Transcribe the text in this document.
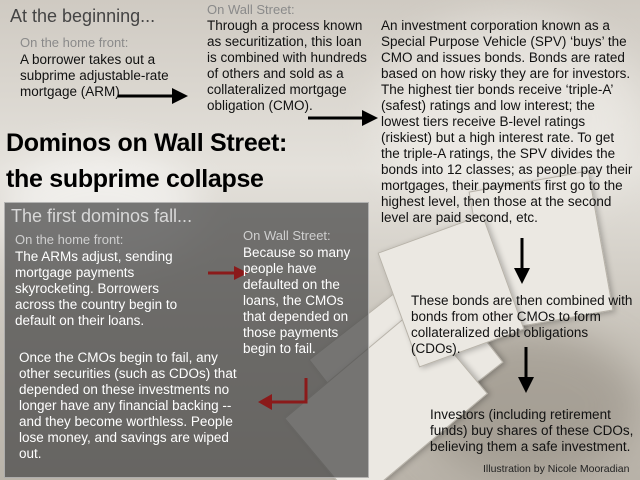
At the beginning...
On the home front:
A borrower takes out a subprime adjustable-rate mortgage (ARM).
On Wall Street:
Through a process known as securitization, this loan is combined with hundreds of others and sold as a collateralized mortgage obligation (CMO).
An investment corporation known as a Special Purpose Vehicle (SPV) ‘buys’ the CMO and issues bonds. Bonds are rated based on how risky they are for investors. The highest tier bonds receive ‘triple-A’ (safest) ratings and low interest; the lowest tiers receive B-level ratings (riskiest) but a high interest rate. To get the triple-A ratings, the SPV divides the bonds into 12 classes; as people pay their mortgages, their payments first go to the highest level, then those at the second level are paid second, etc.
These bonds are then combined with bonds from other CMOs to form collateralized debt obligations (CDOs).
Investors (including retirement funds) buy shares of these CDOs, believing them a safe investment.
Dominos on Wall Street:
the subprime collapse
The first dominos fall...
On the home front:
The ARMs adjust, sending mortgage payments skyrocketing. Borrowers across the country begin to default on their loans.
On Wall Street:
Because so many people have defaulted on the loans, the CMOs that depended on those payments begin to fail.
Once the CMOs begin to fail, any other securities (such as CDOs) that depended on these investments no longer have any financial backing -- and they become worthless. People lose money, and savings are wiped out.
Illustration by Nicole Mooradian
